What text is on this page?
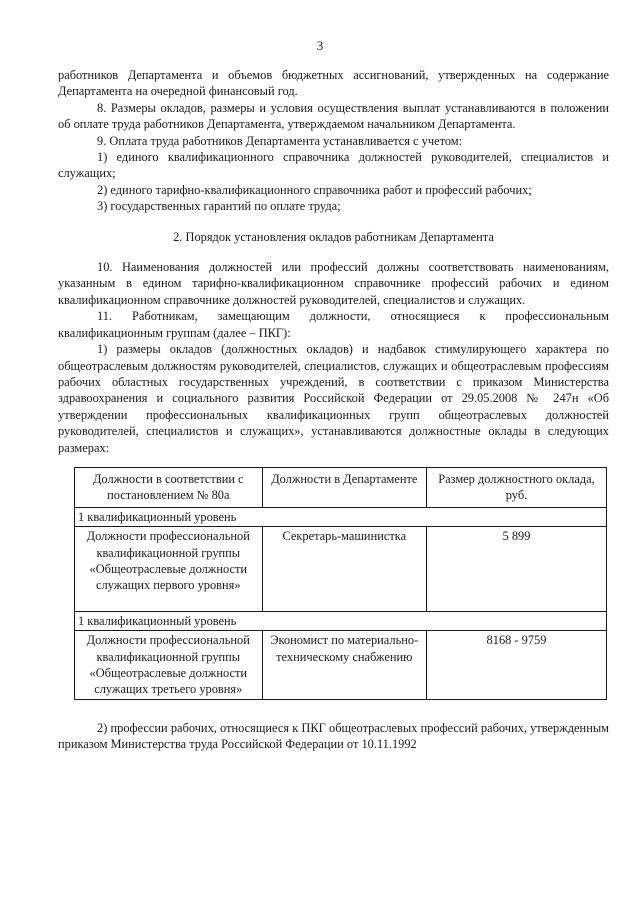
3

работников Департамента и объемов бюджетных ассигнований, утвержденных на содержание Департамента на очередной финансовый год.

8. Размеры окладов, размеры и условия осуществления выплат устанавливаются в положении об оплате труда работников Департамента, утверждаемом начальником Департамента.

9. Оплата труда работников Департамента устанавливается с учетом:

1) единого квалификационного справочника должностей руководителей, специалистов и служащих;

2) единого тарифно-квалификационного справочника работ и профессий рабочих;

3) государственных гарантий по оплате труда;

2. Порядок установления окладов работникам Департамента

10. Наименования должностей или профессий должны соответствовать наименованиям, указанным в едином тарифно-квалификационном справочнике профессий рабочих и едином квалификационном справочнике должностей руководителей, специалистов и служащих.

11. Работникам, замещающим должности, относящиеся к профессиональным квалификационным группам (далее – ПКГ):

1) размеры окладов (должностных окладов) и надбавок стимулирующего характера по общеотраслевым должностям руководителей, специалистов, служащих и общеотраслевым профессиям рабочих областных государственных учреждений, в соответствии с приказом Министерства здравоохранения и социального развития Российской Федерации от 29.05.2008 № 247н «Об утверждении профессиональных квалификационных групп общеотраслевых должностей руководителей, специалистов и служащих», устанавливаются должностные оклады в следующих размерах:

Должности в соответствии с постановлением № 80а	Должности в Департаменте	Размер должностного оклада, руб.
1 квалификационный уровень		
Должности профессиональной квалификационной группы «Общеотраслевые должности служащих первого уровня»	Секретарь-машинистка	5 899
1 квалификационный уровень		
Должности профессиональной квалификационной группы «Общеотраслевые должности служащих третьего уровня»	Экономист по материально-техническому снабжению	8168 - 9759

2) профессии рабочих, относящиеся к ПКГ общеотраслевых профессий рабочих, утвержденным приказом Министерства труда Российской Федерации от 10.11.1992
